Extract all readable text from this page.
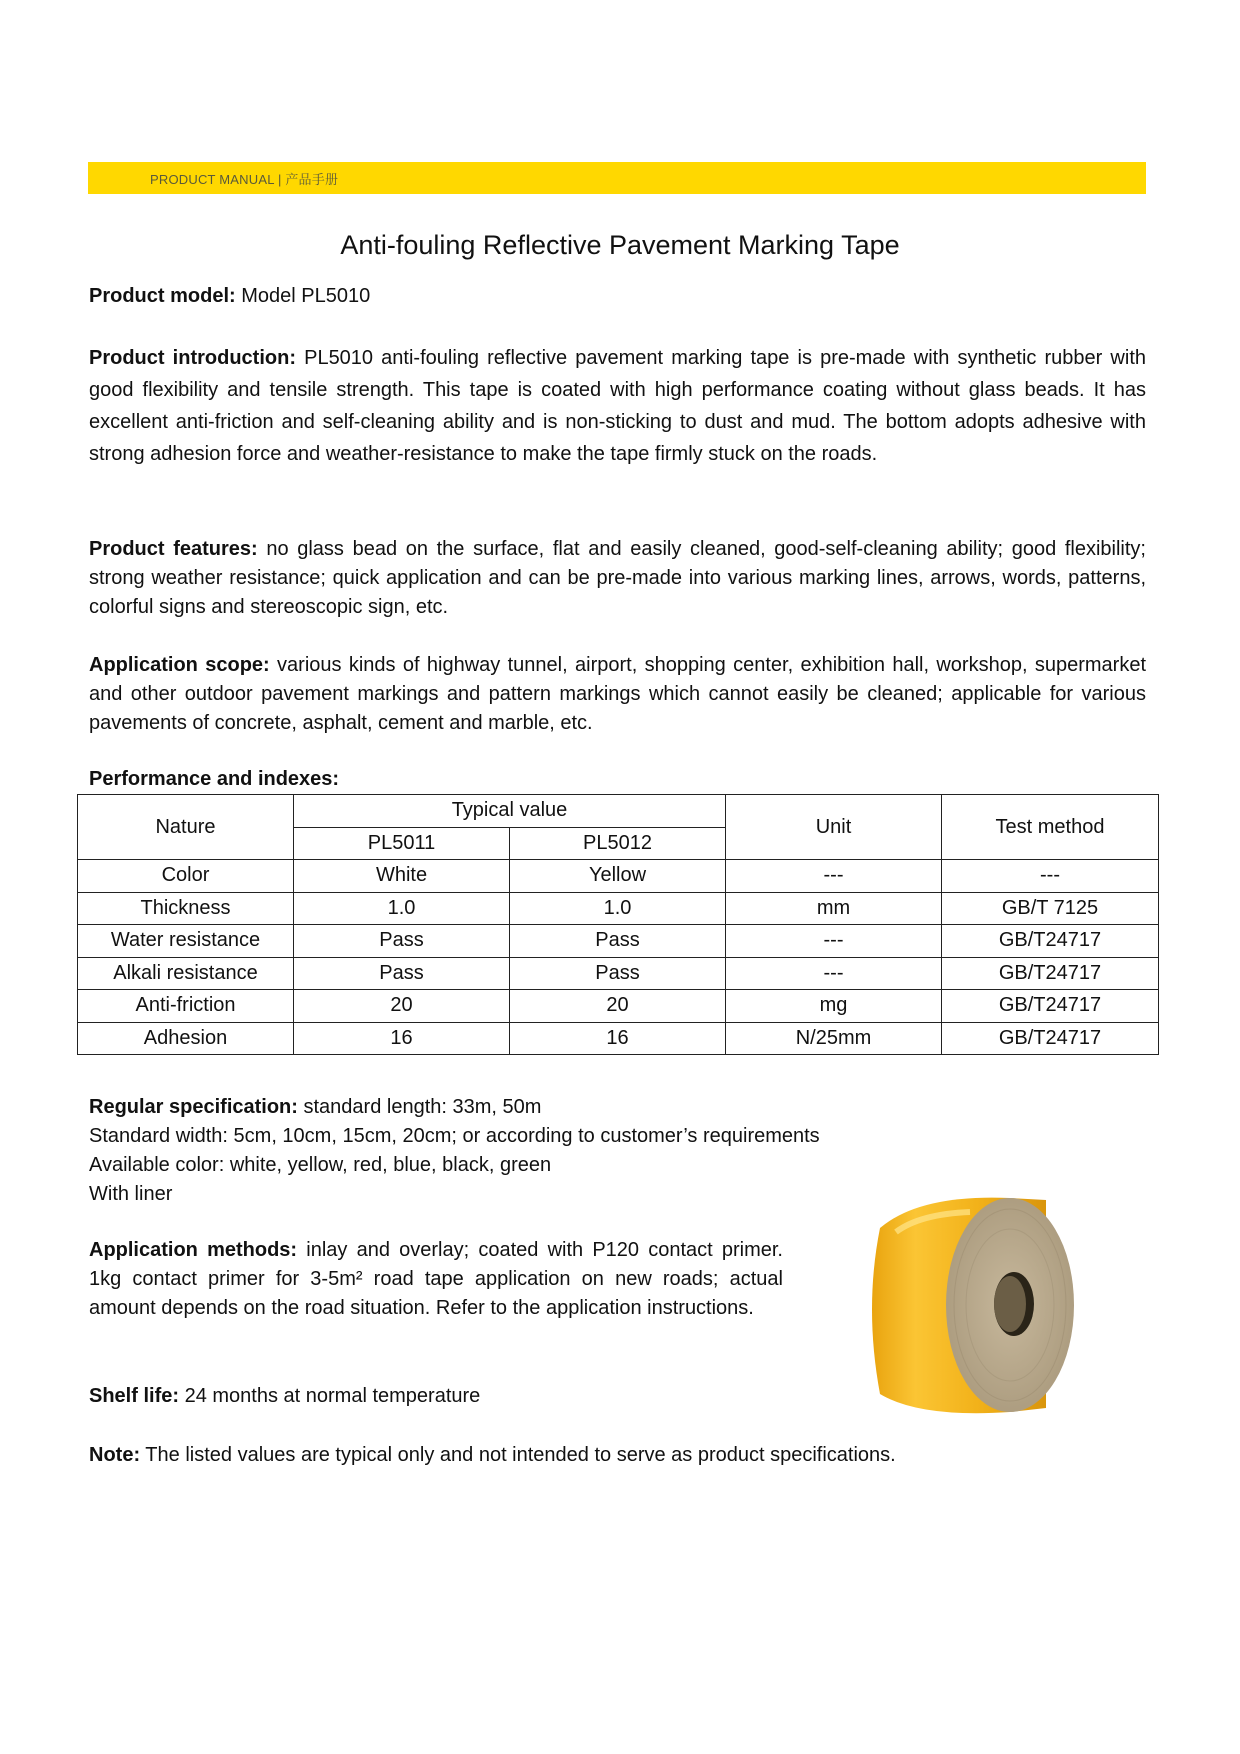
PRODUCT MANUAL | 产品手册
Anti-fouling Reflective Pavement Marking Tape

Product model: Model PL5010

Product introduction: PL5010 anti-fouling reflective pavement marking tape is pre-made with synthetic rubber with good flexibility and tensile strength. This tape is coated with high performance coating without glass beads. It has excellent anti-friction and self-cleaning ability and is non-sticking to dust and mud. The bottom adopts adhesive with strong adhesion force and weather-resistance to make the tape firmly stuck on the roads.

Product features: no glass bead on the surface, flat and easily cleaned, good-self-cleaning ability; good flexibility; strong weather resistance; quick application and can be pre-made into various marking lines, arrows, words, patterns, colorful signs and stereoscopic sign, etc.

Application scope: various kinds of highway tunnel, airport, shopping center, exhibition hall, workshop, supermarket and other outdoor pavement markings and pattern markings which cannot easily be cleaned; applicable for various pavements of concrete, asphalt, cement and marble, etc.

Performance and indexes:
Nature	Typical value		Unit	Test method
	PL5011	PL5012		
Color	White	Yellow	---	---
Thickness	1.0	1.0	mm	GB/T 7125
Water resistance	Pass	Pass	---	GB/T24717
Alkali resistance	Pass	Pass	---	GB/T24717
Anti-friction	20	20	mg	GB/T24717
Adhesion	16	16	N/25mm	GB/T24717
Regular specification: standard length: 33m, 50m
Standard width: 5cm, 10cm, 15cm, 20cm; or according to customer’s requirements
Available color: white, yellow, red, blue, black, green
With liner

Application methods: inlay and overlay; coated with P120 contact primer. 1kg contact primer for 3-5m² road tape application on new roads; actual amount depends on the road situation. Refer to the application instructions.

Shelf life: 24 months at normal temperature
Note: The listed values are typical only and not intended to serve as product specifications.
